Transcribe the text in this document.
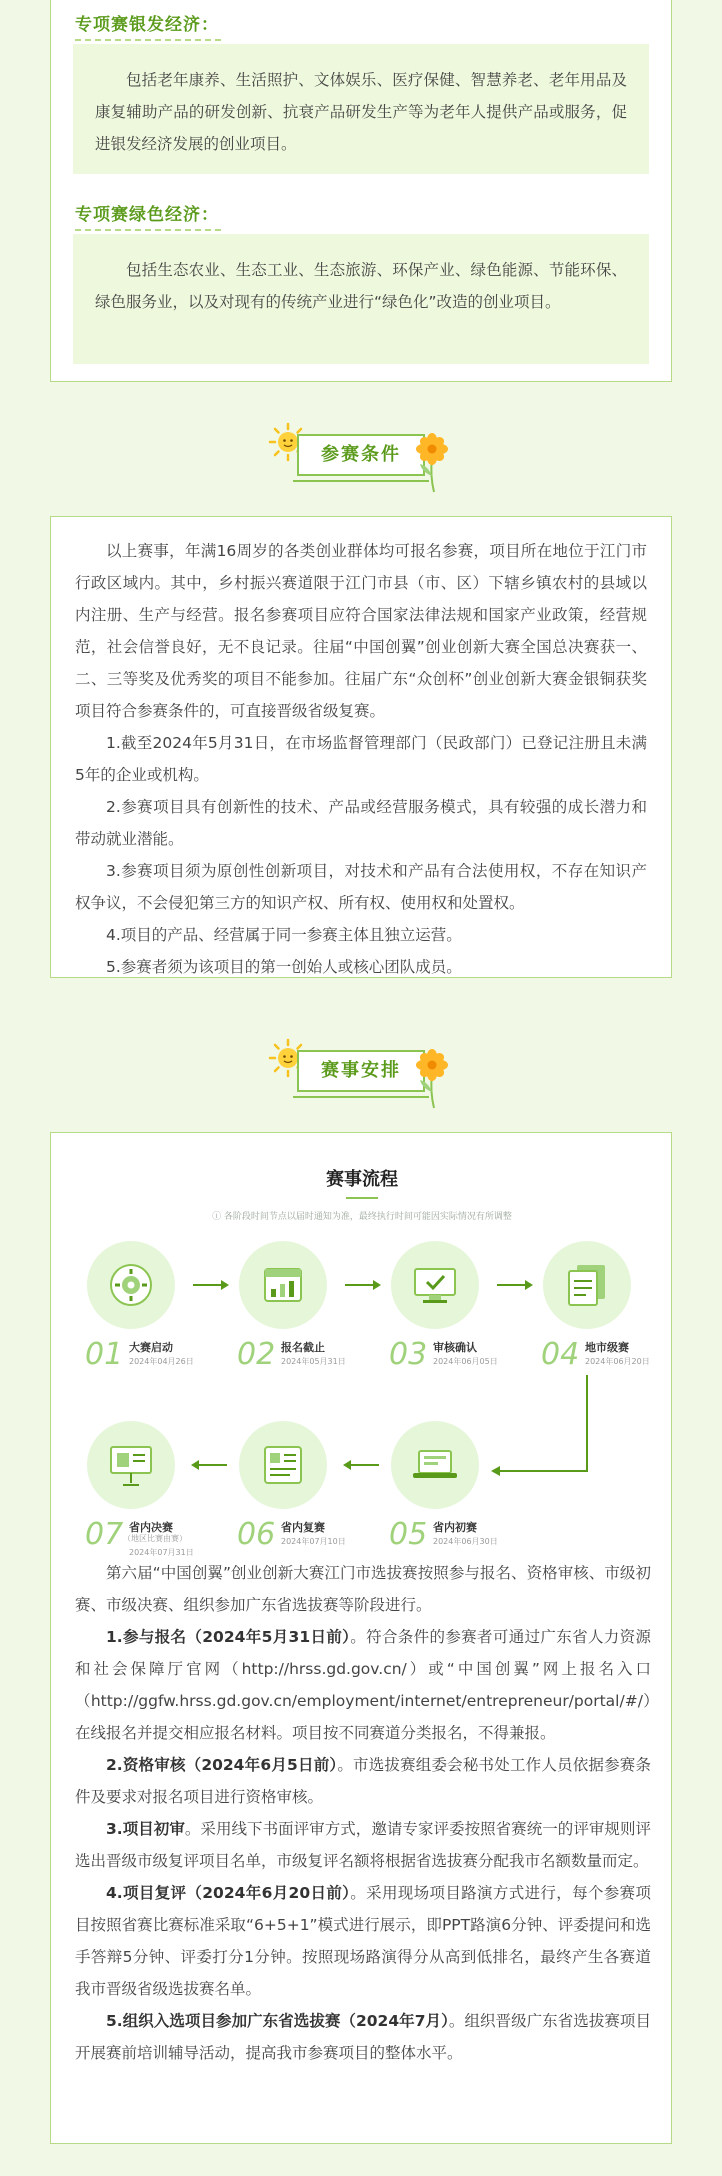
专项赛银发经济：

包括老年康养、生活照护、文体娱乐、医疗保健、智慧养老、老年用品及康复辅助产品的研发创新、抗衰产品研发生产等为老年人提供产品或服务，促进银发经济发展的创业项目。

专项赛绿色经济：

包括生态农业、生态工业、生态旅游、环保产业、绿色能源、节能环保、绿色服务业，以及对现有的传统产业进行“绿色化”改造的创业项目。

参赛条件

以上赛事，年满16周岁的各类创业群体均可报名参赛，项目所在地位于江门市行政区域内。其中，乡村振兴赛道限于江门市县（市、区）下辖乡镇农村的县域以内注册、生产与经营。报名参赛项目应符合国家法律法规和国家产业政策，经营规范，社会信誉良好，无不良记录。往届“中国创翼”创业创新大赛全国总决赛获一、二、三等奖及优秀奖的项目不能参加。往届广东“众创杯”创业创新大赛金银铜获奖项目符合参赛条件的，可直接晋级省级复赛。

1.截至2024年5月31日，在市场监督管理部门（民政部门）已登记注册且未满5年的企业或机构。

2.参赛项目具有创新性的技术、产品或经营服务模式，具有较强的成长潜力和带动就业潜能。

3.参赛项目须为原创性创新项目，对技术和产品有合法使用权，不存在知识产权争议，不会侵犯第三方的知识产权、所有权、使用权和处置权。

4.项目的产品、经营属于同一参赛主体且独立运营。

5.参赛者须为该项目的第一创始人或核心团队成员。

赛事安排
赛事流程
ⓘ 各阶段时间节点以届时通知为准，最终执行时间可能因实际情况有所调整
01 大赛启动
2024年04月26日 02 报名截止
2024年05月31日 03 审核确认
2024年06月05日 04 地市级赛
2024年06月20日
05 省内初赛
2024年06月30日
06 省内复赛
2024年07月10日
07 省内决赛
（地区比赛由赛）
2024年07月31日

第六届“中国创翼”创业创新大赛江门市选拔赛按照参与报名、资格审核、市级初赛、市级决赛、组织参加广东省选拔赛等阶段进行。

1.参与报名（2024年5月31日前）。符合条件的参赛者可通过广东省人力资源和社会保障厅官网（http://hrss.gd.gov.cn/）或“中国创翼”网上报名入口（http://ggfw.hrss.gd.gov.cn/employment/internet/entrepreneur/portal/#/）在线报名并提交相应报名材料。项目按不同赛道分类报名，不得兼报。

2.资格审核（2024年6月5日前）。市选拔赛组委会秘书处工作人员依据参赛条件及要求对报名项目进行资格审核。

3.项目初审。采用线下书面评审方式，邀请专家评委按照省赛统一的评审规则评选出晋级市级复评项目名单，市级复评名额将根据省选拔赛分配我市名额数量而定。

4.项目复评（2024年6月20日前）。采用现场项目路演方式进行，每个参赛项目按照省赛比赛标准采取“6+5+1”模式进行展示，即PPT路演6分钟、评委提问和选手答辩5分钟、评委打分1分钟。按照现场路演得分从高到低排名，最终产生各赛道我市晋级省级选拔赛名单。

5.组织入选项目参加广东省选拔赛（2024年7月）。组织晋级广东省选拔赛项目开展赛前培训辅导活动，提高我市参赛项目的整体水平。
